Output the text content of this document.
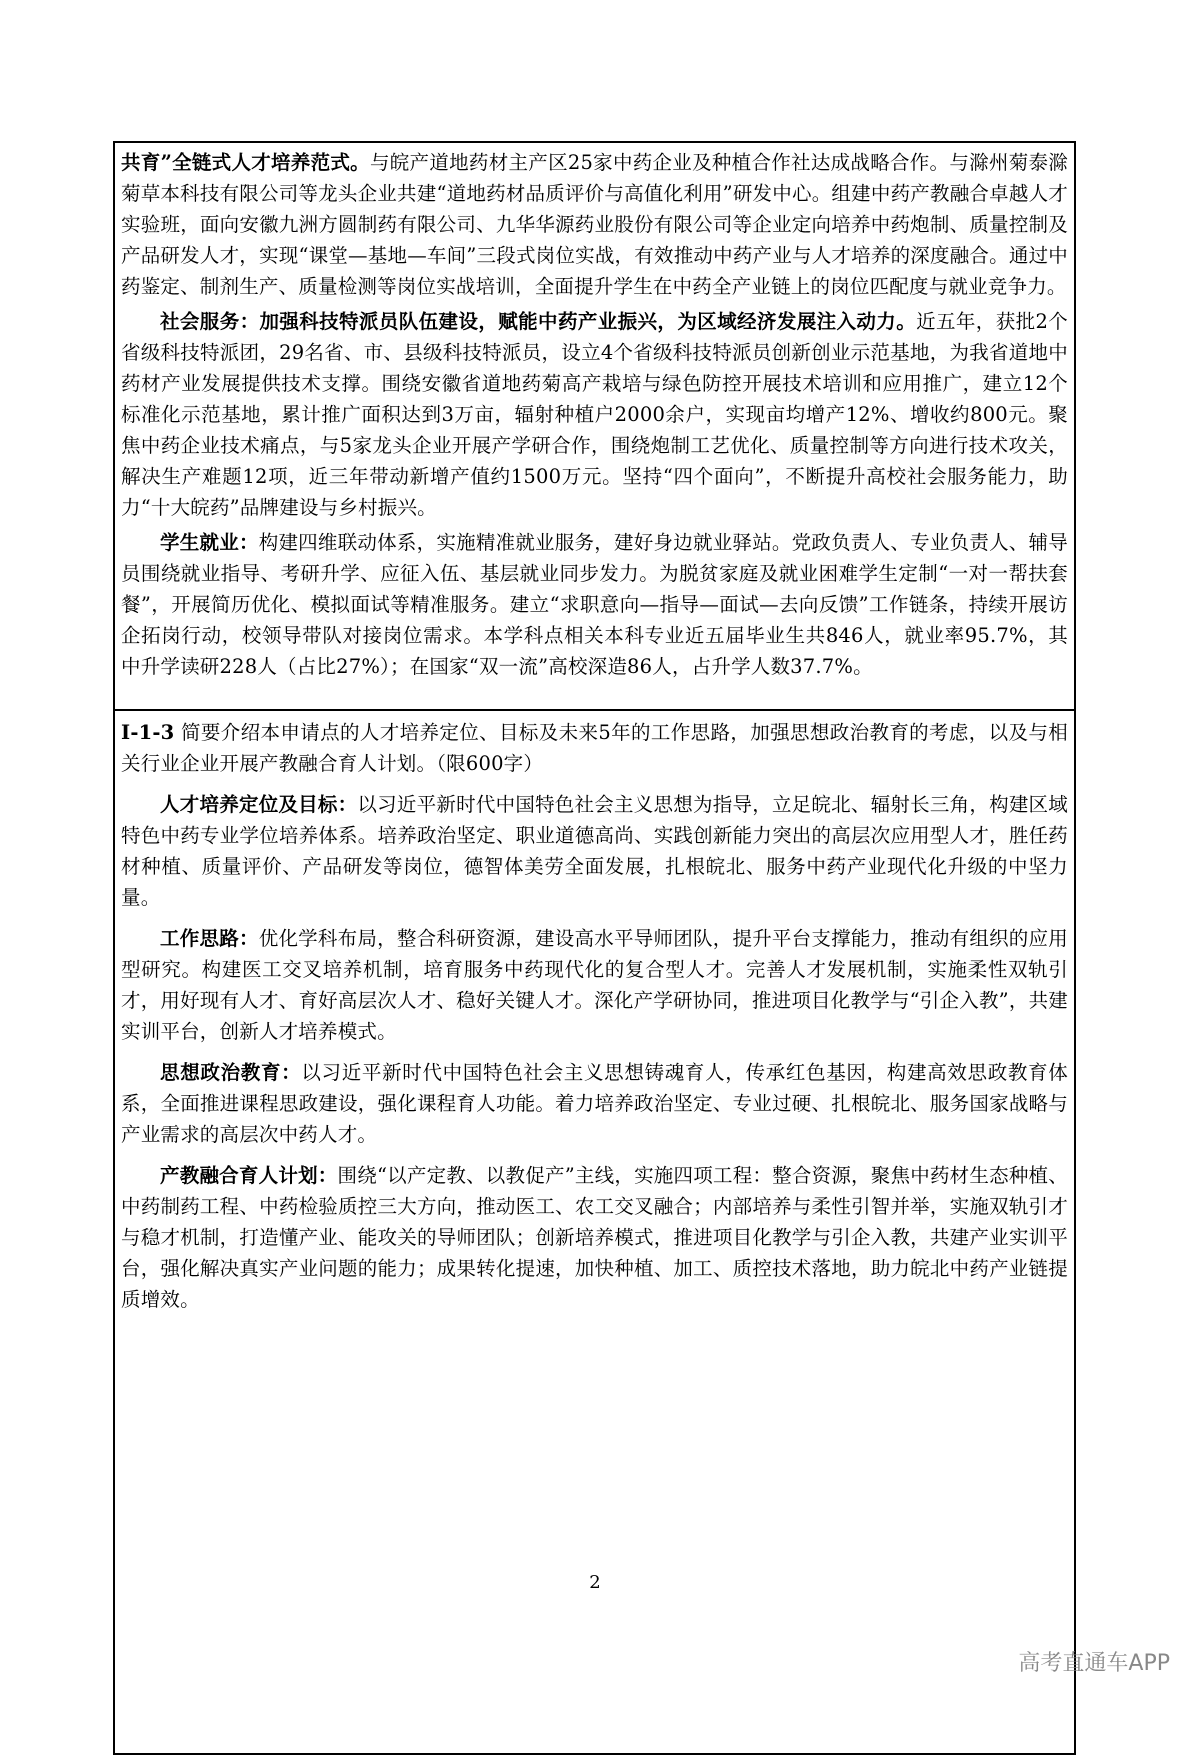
共育”全链式人才培养范式。与皖产道地药材主产区25家中药企业及种植合作社达成战略合作。与滁州菊泰滁菊草本科技有限公司等龙头企业共建“道地药材品质评价与高值化利用”研发中心。组建中药产教融合卓越人才实验班，面向安徽九洲方圆制药有限公司、九华华源药业股份有限公司等企业定向培养中药炮制、质量控制及产品研发人才，实现“课堂—基地—车间”三段式岗位实战，有效推动中药产业与人才培养的深度融合。通过中药鉴定、制剂生产、质量检测等岗位实战培训，全面提升学生在中药全产业链上的岗位匹配度与就业竞争力。

社会服务：加强科技特派员队伍建设，赋能中药产业振兴，为区域经济发展注入动力。近五年，获批2个省级科技特派团，29名省、市、县级科技特派员，设立4个省级科技特派员创新创业示范基地，为我省道地中药材产业发展提供技术支撑。围绕安徽省道地药菊高产栽培与绿色防控开展技术培训和应用推广，建立12个标准化示范基地，累计推广面积达到3万亩，辐射种植户2000余户，实现亩均增产12%、增收约800元。聚焦中药企业技术痛点，与5家龙头企业开展产学研合作，围绕炮制工艺优化、质量控制等方向进行技术攻关，解决生产难题12项，近三年带动新增产值约1500万元。坚持“四个面向”，不断提升高校社会服务能力，助力“十大皖药”品牌建设与乡村振兴。

学生就业：构建四维联动体系，实施精准就业服务，建好身边就业驿站。党政负责人、专业负责人、辅导员围绕就业指导、考研升学、应征入伍、基层就业同步发力。为脱贫家庭及就业困难学生定制“一对一帮扶套餐”，开展简历优化、模拟面试等精准服务。建立“求职意向—指导—面试—去向反馈”工作链条，持续开展访企拓岗行动，校领导带队对接岗位需求。本学科点相关本科专业近五届毕业生共846人，就业率95.7%，其中升学读研228人（占比27%）；在国家“双一流”高校深造86人，占升学人数37.7%。

I-1-3 简要介绍本申请点的人才培养定位、目标及未来5年的工作思路，加强思想政治教育的考虑，以及与相关行业企业开展产教融合育人计划。（限600字）

人才培养定位及目标：以习近平新时代中国特色社会主义思想为指导，立足皖北、辐射长三角，构建区域特色中药专业学位培养体系。培养政治坚定、职业道德高尚、实践创新能力突出的高层次应用型人才，胜任药材种植、质量评价、产品研发等岗位，德智体美劳全面发展，扎根皖北、服务中药产业现代化升级的中坚力量。

工作思路：优化学科布局，整合科研资源，建设高水平导师团队，提升平台支撑能力，推动有组织的应用型研究。构建医工交叉培养机制，培育服务中药现代化的复合型人才。完善人才发展机制，实施柔性双轨引才，用好现有人才、育好高层次人才、稳好关键人才。深化产学研协同，推进项目化教学与“引企入教”，共建实训平台，创新人才培养模式。

思想政治教育：以习近平新时代中国特色社会主义思想铸魂育人，传承红色基因，构建高效思政教育体系，全面推进课程思政建设，强化课程育人功能。着力培养政治坚定、专业过硬、扎根皖北、服务国家战略与产业需求的高层次中药人才。

产教融合育人计划：围绕“以产定教、以教促产”主线，实施四项工程：整合资源，聚焦中药材生态种植、中药制药工程、中药检验质控三大方向，推动医工、农工交叉融合；内部培养与柔性引智并举，实施双轨引才与稳才机制，打造懂产业、能攻关的导师团队；创新培养模式，推进项目化教学与引企入教，共建产业实训平台，强化解决真实产业问题的能力；成果转化提速，加快种植、加工、质控技术落地，助力皖北中药产业链提质增效。

2
高考直通车APP
